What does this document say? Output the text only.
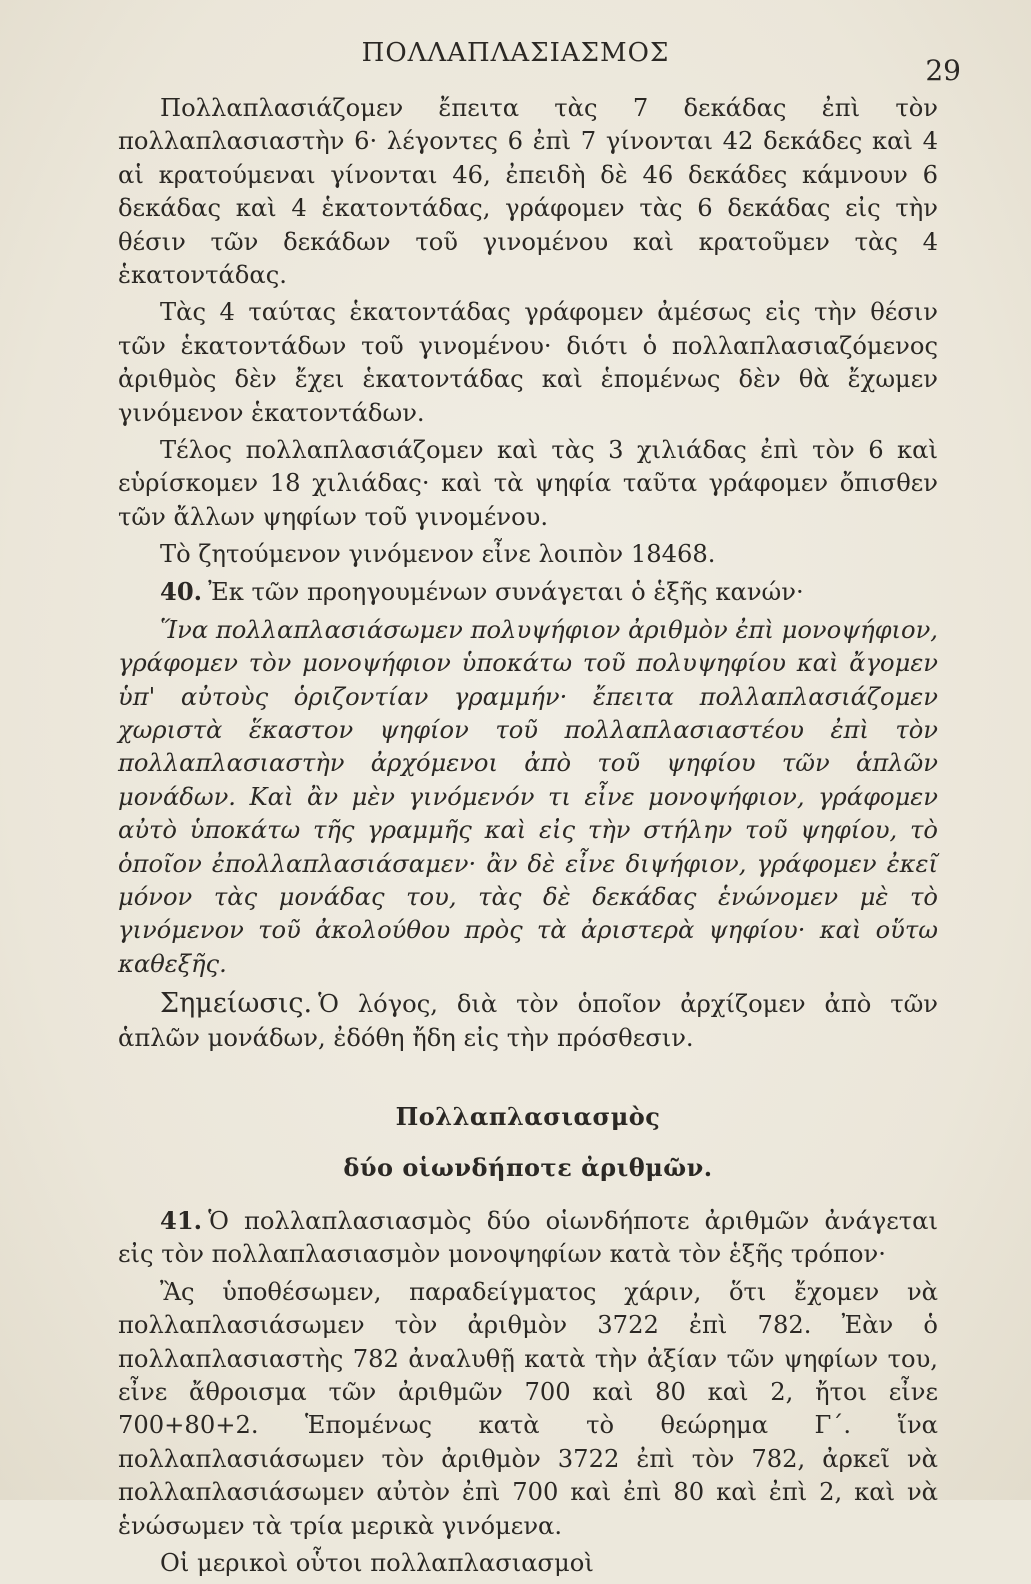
ΠΟΛΛΑΠΛΑΣΙΑΣΜΟΣ
29

Πολλαπλασιάζομεν ἔπειτα τὰς 7 δεκάδας ἐπὶ τὸν πολλαπλασιαστὴν 6· λέγοντες 6 ἐπὶ 7 γίνονται 42 δεκάδες καὶ 4 αἱ κρατούμεναι γίνονται 46, ἐπειδὴ δὲ 46 δεκάδες κάμνουν 6 δεκάδας καὶ 4 ἑκατοντάδας, γράφομεν τὰς 6 δεκάδας εἰς τὴν θέσιν τῶν δεκάδων τοῦ γινομένου καὶ κρατοῦμεν τὰς 4 ἑκατοντάδας.

Τὰς 4 ταύτας ἑκατοντάδας γράφομεν ἀμέσως εἰς τὴν θέσιν τῶν ἑκατοντάδων τοῦ γινομένου· διότι ὁ πολλαπλασιαζόμενος ἀριθμὸς δὲν ἔχει ἑκατοντάδας καὶ ἑπομένως δὲν θὰ ἔχωμεν γινόμενον ἑκατοντάδων.

Τέλος πολλαπλασιάζομεν καὶ τὰς 3 χιλιάδας ἐπὶ τὸν 6 καὶ εὑρίσκομεν 18 χιλιάδας· καὶ τὰ ψηφία ταῦτα γράφομεν ὄπισθεν τῶν ἄλλων ψηφίων τοῦ γινομένου.

Τὸ ζητούμενον γινόμενον εἶνε λοιπὸν 18468.

40. Ἐκ τῶν προηγουμένων συνάγεται ὁ ἑξῆς κανών·

Ἵνα πολλαπλασιάσωμεν πολυψήφιον ἀριθμὸν ἐπὶ μονοψήφιον, γράφομεν τὸν μονοψήφιον ὑποκάτω τοῦ πολυψηφίου καὶ ἄγομεν ὑπ' αὐτοὺς ὁριζοντίαν γραμμήν· ἔπειτα πολλαπλασιάζομεν χωριστὰ ἕκαστον ψηφίον τοῦ πολλαπλασιαστέου ἐπὶ τὸν πολλαπλασιαστὴν ἀρχόμενοι ἀπὸ τοῦ ψηφίου τῶν ἁπλῶν μονάδων. Καὶ ἂν μὲν γινόμενόν τι εἶνε μονοψήφιον, γράφομεν αὐτὸ ὑποκάτω τῆς γραμμῆς καὶ εἰς τὴν στήλην τοῦ ψηφίου, τὸ ὁποῖον ἐπολλαπλασιάσαμεν· ἂν δὲ εἶνε διψήφιον, γράφομεν ἐκεῖ μόνον τὰς μονάδας του, τὰς δὲ δεκάδας ἑνώνομεν μὲ τὸ γινόμενον τοῦ ἀκολούθου πρὸς τὰ ἀριστερὰ ψηφίου· καὶ οὕτω καθεξῆς.

Σημείωσις. Ὁ λόγος, διὰ τὸν ὁποῖον ἀρχίζομεν ἀπὸ τῶν ἁπλῶν μονάδων, ἐδόθη ἤδη εἰς τὴν πρόσθεσιν.

Πολλαπλασιασμὸς
δύο οἱωνδήποτε ἀριθμῶν.

41. Ὁ πολλαπλασιασμὸς δύο οἱωνδήποτε ἀριθμῶν ἀνάγεται εἰς τὸν πολλαπλασιασμὸν μονοψηφίων κατὰ τὸν ἑξῆς τρόπον·

Ἂς ὑποθέσωμεν, παραδείγματος χάριν, ὅτι ἔχομεν νὰ πολλαπλασιάσωμεν τὸν ἀριθμὸν 3722 ἐπὶ 782. Ἐὰν ὁ πολλαπλασιαστὴς 782 ἀναλυθῇ κατὰ τὴν ἀξίαν τῶν ψηφίων του, εἶνε ἄθροισμα τῶν ἀριθμῶν 700 καὶ 80 καὶ 2, ἤτοι εἶνε 700+80+2. Ἑπομένως κατὰ τὸ θεώρημα Γ΄. ἵνα πολλαπλασιάσωμεν τὸν ἀριθμὸν 3722 ἐπὶ τὸν 782, ἀρκεῖ νὰ πολλαπλασιάσωμεν αὐτὸν ἐπὶ 700 καὶ ἐπὶ 80 καὶ ἐπὶ 2, καὶ νὰ ἑνώσωμεν τὰ τρία μερικὰ γινόμενα.

Οἱ μερικοὶ οὗτοι πολλαπλασιασμοὶ
